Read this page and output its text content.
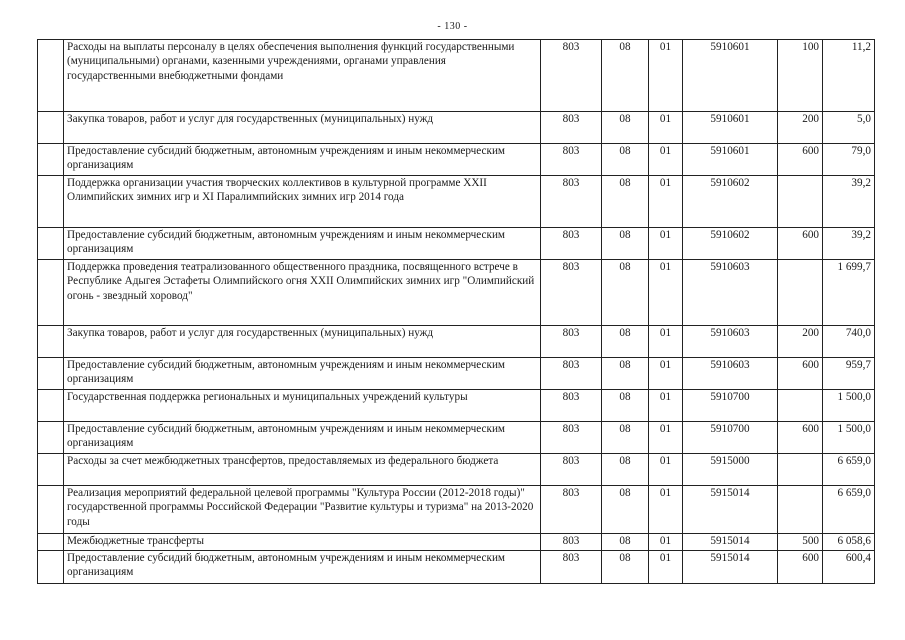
- 130 -
	Расходы на выплаты персоналу в целях обеспечения выполнения функций государственными (муниципальными) органами, казенными учреждениями, органами управления государственными внебюджетными фондами	803	08	01	5910601	100	11,2
	Закупка товаров, работ и услуг для государственных (муниципальных) нужд	803	08	01	5910601	200	5,0
	Предоставление субсидий бюджетным, автономным учреждениям и иным некоммерческим организациям	803	08	01	5910601	600	79,0
	Поддержка организации участия творческих коллективов в культурной программе XXII Олимпийских зимних игр и XI Паралимпийских зимних игр 2014 года	803	08	01	5910602		39,2
	Предоставление субсидий бюджетным, автономным учреждениям и иным некоммерческим организациям	803	08	01	5910602	600	39,2
	Поддержка проведения театрализованного общественного праздника, посвященного встрече в Республике Адыгея Эстафеты Олимпийского огня XXII Олимпийских зимних игр "Олимпийский огонь - звездный хоровод"	803	08	01	5910603		1 699,7
	Закупка товаров, работ и услуг для государственных (муниципальных) нужд	803	08	01	5910603	200	740,0
	Предоставление субсидий бюджетным, автономным учреждениям и иным некоммерческим организациям	803	08	01	5910603	600	959,7
	Государственная поддержка региональных и муниципальных учреждений культуры	803	08	01	5910700		1 500,0
	Предоставление субсидий бюджетным, автономным учреждениям и иным некоммерческим организациям	803	08	01	5910700	600	1 500,0
	Расходы за счет межбюджетных трансфертов, предоставляемых из федерального бюджета	803	08	01	5915000		6 659,0
	Реализация мероприятий федеральной целевой программы "Культура России (2012-2018 годы)" государственной программы Российской Федерации "Развитие культуры и туризма" на 2013-2020 годы	803	08	01	5915014		6 659,0
	Межбюджетные трансферты	803	08	01	5915014	500	6 058,6
	Предоставление субсидий бюджетным, автономным учреждениям и иным некоммерческим организациям	803	08	01	5915014	600	600,4
